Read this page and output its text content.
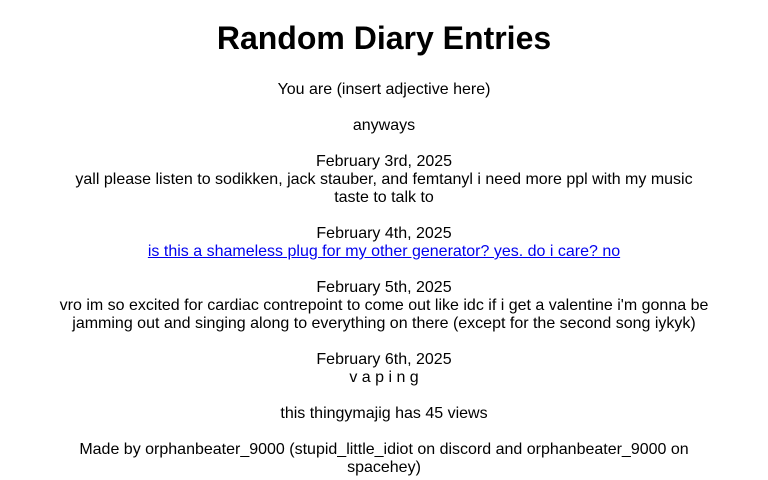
Random Diary Entries

You are (insert adjective here)

anyways

February 3rd, 2025
yall please listen to sodikken, jack stauber, and femtanyl i need more ppl with my music taste to talk to

February 4th, 2025
is this a shameless plug for my other generator? yes. do i care? no

February 5th, 2025
vro im so excited for cardiac contrepoint to come out like idc if i get a valentine i'm gonna be jamming out and singing along to everything on there (except for the second song iykyk)

February 6th, 2025
v a p i n g

this thingymajig has 45 views

Made by orphanbeater_9000 (stupid_little_idiot on discord and orphanbeater_9000 on spacehey)
